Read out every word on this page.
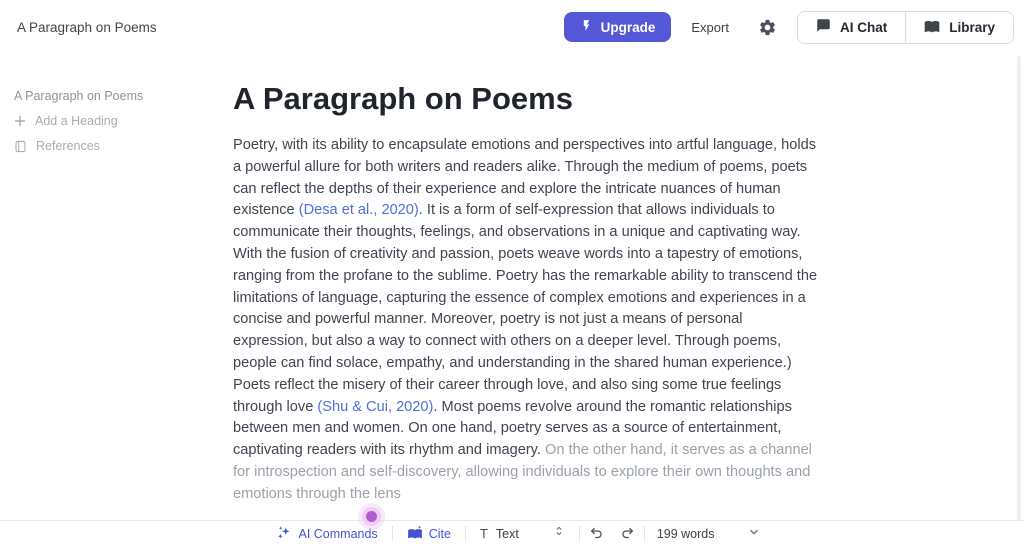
A Paragraph on Poems	Upgrade	Export	AI Chat	Library
A Paragraph on Poems
Add a Heading
References
A Paragraph on Poems

Poetry, with its ability to encapsulate emotions and perspectives into artful language, holds a powerful allure for both writers and readers alike. Through the medium of poems, poets can reflect the depths of their experience and explore the intricate nuances of human existence (Desa et al., 2020). It is a form of self-expression that allows individuals to communicate their thoughts, feelings, and observations in a unique and captivating way. With the fusion of creativity and passion, poets weave words into a tapestry of emotions, ranging from the profane to the sublime. Poetry has the remarkable ability to transcend the limitations of language, capturing the essence of complex emotions and experiences in a concise and powerful manner. Moreover, poetry is not just a means of personal expression, but also a way to connect with others on a deeper level. Through poems, people can find solace, empathy, and understanding in the shared human experience.) Poets reflect the misery of their career through love, and also sing some true feelings through love (Shu & Cui, 2020). Most poems revolve around the romantic relationships between men and women. On one hand, poetry serves as a source of entertainment, captivating readers with its rhythm and imagery. On the other hand, it serves as a channel for introspection and self-discovery, allowing individuals to explore their own thoughts and emotions through the lens

AI Commands	Cite T Text	199 words
